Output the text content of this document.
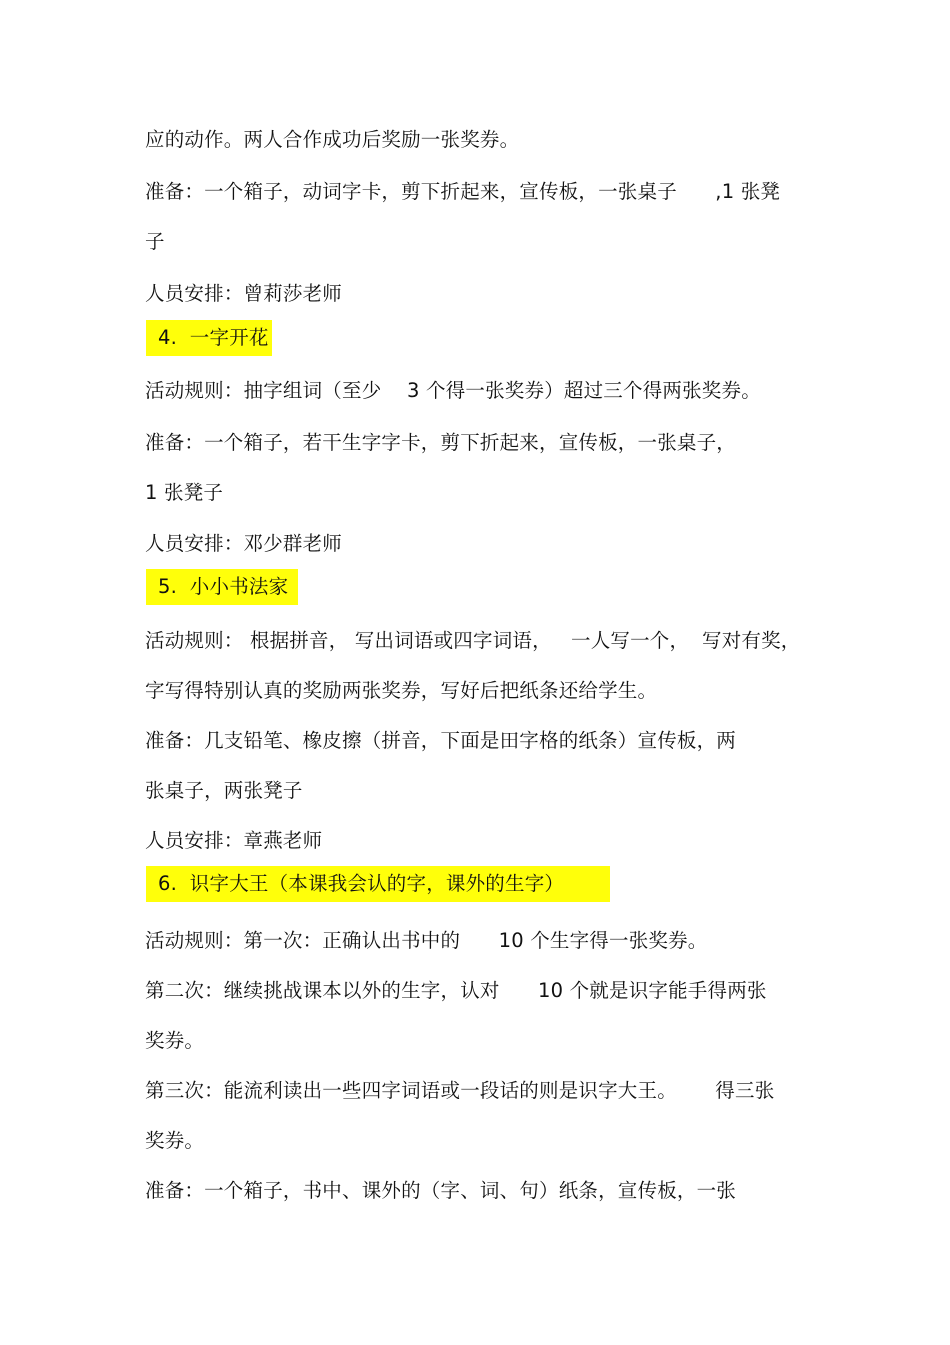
应的动作。两人合作成功后奖励一张奖券。
准备：一个箱子，动词字卡，剪下折起来，宣传板，一张桌子      ,1 张凳
子
人员安排：曾莉莎老师
4.  一字开花
活动规则：抽字组词（至少    3 个得一张奖券）超过三个得两张奖券。
准备：一个箱子，若干生字字卡，剪下折起来，宣传板，一张桌子，
1 张凳子
人员安排：邓少群老师
5.  小小书法家
活动规则： 根据拼音， 写出词语或四字词语，   一人写一个，  写对有奖，
字写得特别认真的奖励两张奖券，写好后把纸条还给学生。
准备：几支铅笔、橡皮擦（拼音，下面是田字格的纸条）宣传板，两
张桌子，两张凳子
人员安排：章燕老师
6.  识字大王（本课我会认的字，课外的生字）
活动规则：第一次：正确认出书中的      10 个生字得一张奖券。
第二次：继续挑战课本以外的生字，认对      10 个就是识字能手得两张
奖券。
第三次：能流利读出一些四字词语或一段话的则是识字大王。      得三张
奖券。
准备：一个箱子，书中、课外的（字、词、句）纸条，宣传板，一张
